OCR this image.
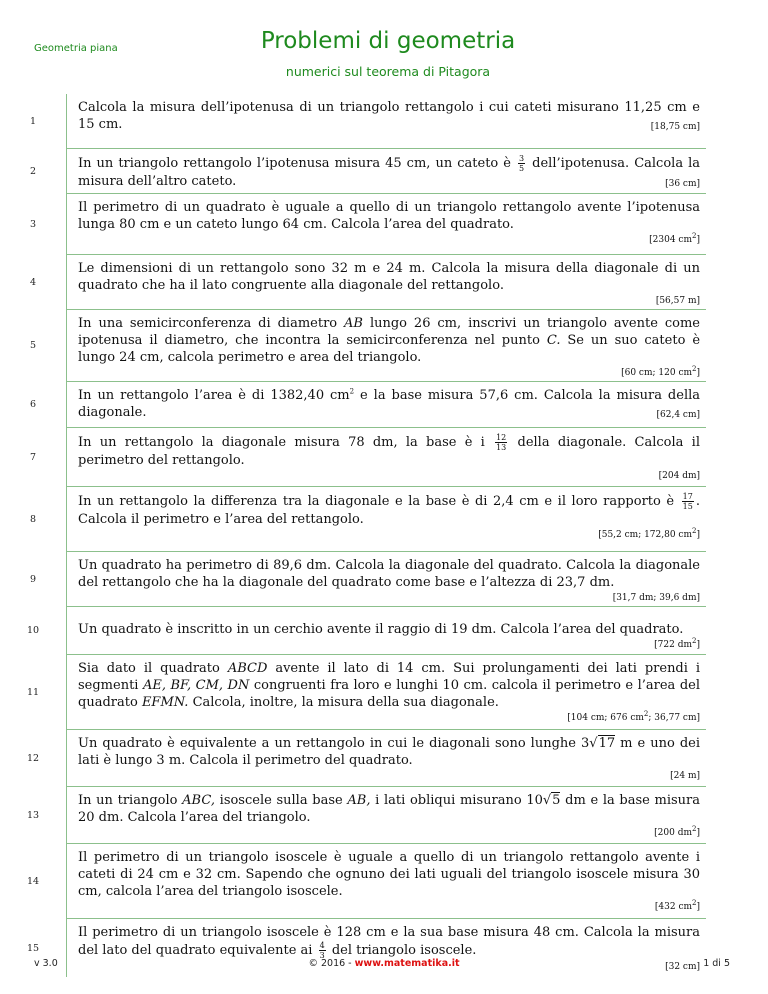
Geometria piana	Problemi di geometria
numerici sul teorema di Pitagora
1
Calcola la misura dell’ipotenusa di un triangolo rettangolo i cui cateti misurano 11,25 cm e 15 cm.	[18,75 cm]
2	In un triangolo rettangolo l’ipotenusa misura 45 cm, un cateto è $\frac{3}{5}$ dell’ipotenusa. Calcola la misura dell’altro cateto.	[36 cm]
3
Il perimetro di un quadrato è uguale a quello di un triangolo rettangolo avente l’ipotenusa lunga 80 cm e un cateto lungo 64 cm. Calcola l’area del quadrato.
[2304 $cm^2$]
4
Le dimensioni di un rettangolo sono 32 m e 24 m. Calcola la misura della diagonale di un quadrato che ha il lato congruente alla diagonale del rettangolo.
[56,57 m]
5
In una semicirconferenza di diametro AB lungo 26 cm, inscrivi un triangolo avente come ipotenusa il diametro, che incontra la semicirconferenza nel punto C. Se un suo cateto è lungo 24 cm, calcola perimetro e area del triangolo.
[60 cm; 120 $cm^2$]
6
In un rettangolo l’area è di 1382,40 $cm^2$ e la base misura 57,6 cm. Calcola la misura della diagonale.	[62,4 cm]
7
In un rettangolo la diagonale misura 78 dm, la base è i $\frac{12}{13}$ della diagonale. Calcola il perimetro del rettangolo.
[204 dm]
8
In un rettangolo la differenza tra la diagonale e la base è di 2,4 cm e il loro rapporto è $\frac{17}{15}$ . Calcola il perimetro e l’area del rettangolo.
[55,2 cm; 172,80 $cm^2$]
9
Un quadrato ha perimetro di 89,6 dm. Calcola la diagonale del quadrato. Calcola la diagonale del rettangolo che ha la diagonale del quadrato come base e l’altezza di 23,7 dm.
[31,7 dm; 39,6 dm]
10	Un quadrato è inscritto in un cerchio avente il raggio di 19 dm. Calcola l’area del quadrato.
[722 $dm^2$]
11
Sia dato il quadrato ABCD avente il lato di 14 cm. Sui prolungamenti dei lati prendi i segmenti AE, BF, CM, DN congruenti fra loro e lunghi 10 cm. calcola il perimetro e l’area del quadrato EFMN. Calcola, inoltre, la misura della sua diagonale.
[104 cm; 676 $cm^2$; 36,77 cm]
12
Un quadrato è equivalente a un rettangolo in cui le diagonali sono lunghe 3√17 m e uno dei lati è lungo 3 m. Calcola il perimetro del quadrato.
[24 m]
13
In un triangolo ABC, isoscele sulla base AB, i lati obliqui misurano 10√5 dm e la base misura 20 dm. Calcola l’area del triangolo.
[200 $dm^2$]
14
Il perimetro di un triangolo isoscele è uguale a quello di un triangolo rettangolo avente i cateti di 24 cm e 32 cm. Sapendo che ognuno dei lati uguali del triangolo isoscele misura 30 cm, calcola l’area del triangolo isoscele.
[432 $cm^2$]
15
Il perimetro di un triangolo isoscele è 128 cm e la sua base misura 48 cm. Calcola la misura del lato del quadrato equivalente ai $\frac{4}{3}$ del triangolo isoscele.
[32 cm]
v 3.0	© 2016 - www.matematika.it	1 di 5
